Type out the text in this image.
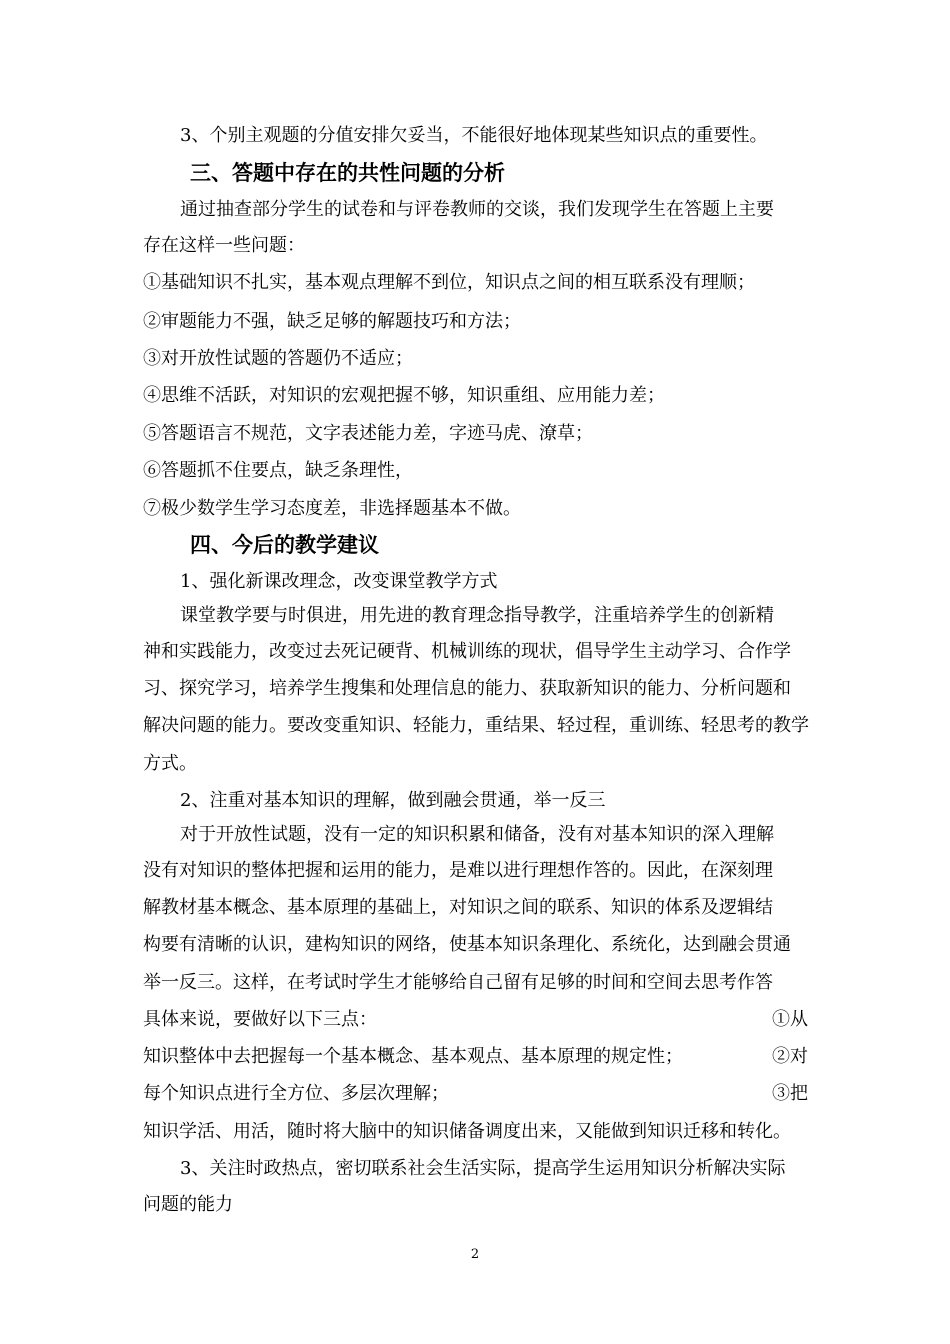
3、个别主观题的分值安排欠妥当，不能很好地体现某些知识点的重要性。
三、答题中存在的共性问题的分析
通过抽查部分学生的试卷和与评卷教师的交谈，我们发现学生在答题上主要
存在这样一些问题：
①基础知识不扎实，基本观点理解不到位，知识点之间的相互联系没有理顺；
②审题能力不强，缺乏足够的解题技巧和方法；
③对开放性试题的答题仍不适应；
④思维不活跃，对知识的宏观把握不够，知识重组、应用能力差；
⑤答题语言不规范，文字表述能力差，字迹马虎、潦草；
⑥答题抓不住要点，缺乏条理性，
⑦极少数学生学习态度差，非选择题基本不做。
四、今后的教学建议
1、强化新课改理念，改变课堂教学方式
课堂教学要与时俱进，用先进的教育理念指导教学，注重培养学生的创新精
神和实践能力，改变过去死记硬背、机械训练的现状，倡导学生主动学习、合作学
习、探究学习，培养学生搜集和处理信息的能力、获取新知识的能力、分析问题和
解决问题的能力。要改变重知识、轻能力，重结果、轻过程，重训练、轻思考的教学
方式。
2、注重对基本知识的理解，做到融会贯通，举一反三
对于开放性试题，没有一定的知识积累和储备，没有对基本知识的深入理解
没有对知识的整体把握和运用的能力，是难以进行理想作答的。因此，在深刻理
解教材基本概念、基本原理的基础上，对知识之间的联系、知识的体系及逻辑结
构要有清晰的认识，建构知识的网络，使基本知识条理化、系统化，达到融会贯通
举一反三。这样，在考试时学生才能够给自己留有足够的时间和空间去思考作答
具体来说，要做好以下三点：	①从
知识整体中去把握每一个基本概念、基本观点、基本原理的规定性；	②对
每个知识点进行全方位、多层次理解；	③把
知识学活、用活，随时将大脑中的知识储备调度出来，又能做到知识迁移和转化。
3、关注时政热点，密切联系社会生活实际，提高学生运用知识分析解决实际
问题的能力
2
